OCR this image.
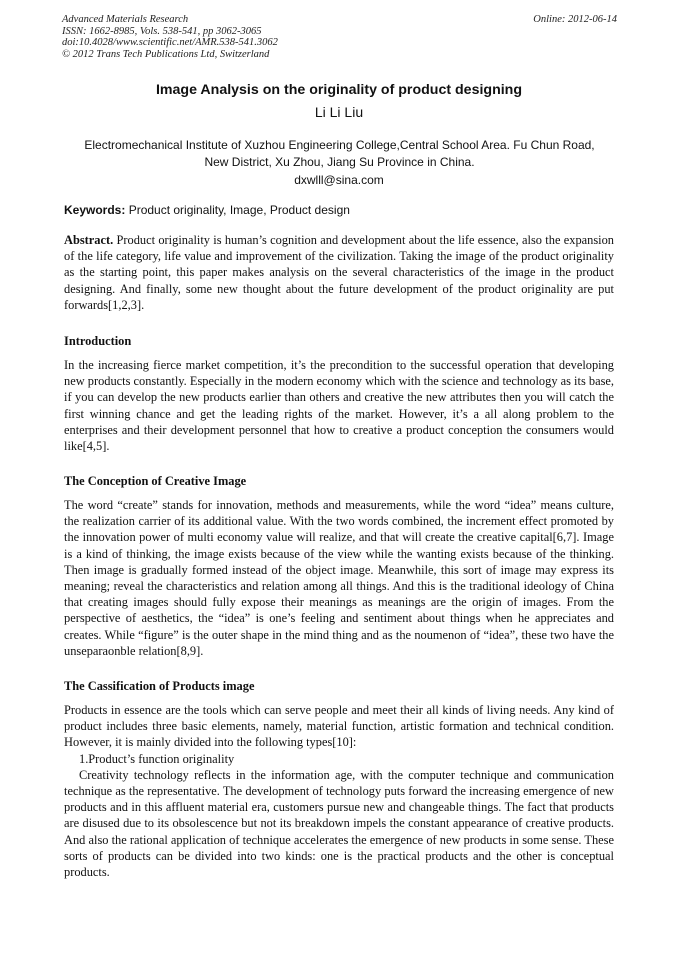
Advanced Materials Research
ISSN: 1662-8985, Vols. 538-541, pp 3062-3065
doi:10.4028/www.scientific.net/AMR.538-541.3062
© 2012 Trans Tech Publications Ltd, Switzerland
Online: 2012-06-14
Image Analysis on the originality of product designing
Li Li Liu
Electromechanical Institute of Xuzhou Engineering College,Central School Area. Fu Chun Road,
New District, Xu Zhou, Jiang Su Province in China.
dxwlll@sina.com
Keywords: Product originality, Image, Product design
Abstract. Product originality is human’s cognition and development about the life essence, also the expansion of the life category, life value and improvement of the civilization. Taking the image of the product originality as the starting point, this paper makes analysis on the several characteristics of the image in the product designing. And finally, some new thought about the future development of the product originality are put forwards[1,2,3].
Introduction
In the increasing fierce market competition, it’s the precondition to the successful operation that developing new products constantly. Especially in the modern economy which with the science and technology as its base, if you can develop the new products earlier than others and creative the new attributes then you will catch the first winning chance and get the leading rights of the market. However, it’s a all along problem to the enterprises and their development personnel that how to creative a product conception the consumers would like[4,5].
The Conception of Creative Image
The word “create” stands for innovation, methods and measurements, while the word “idea” means culture, the realization carrier of its additional value. With the two words combined, the increment effect promoted by the innovation power of multi economy value will realize, and that will create the creative capital[6,7]. Image is a kind of thinking, the image exists because of the view while the wanting exists because of the thinking. Then image is gradually formed instead of the object image. Meanwhile, this sort of image may express its meaning; reveal the characteristics and relation among all things. And this is the traditional ideology of China that creating images should fully expose their meanings as meanings are the origin of images. From the perspective of aesthetics, the “idea” is one’s feeling and sentiment about things when he appreciates and creates. While “figure” is the outer shape in the mind thing and as the noumenon of “idea”, these two have the unseparaonble relation[8,9].
The Cassification of Products image
Products in essence are the tools which can serve people and meet their all kinds of living needs. Any kind of product includes three basic elements, namely, material function, artistic formation and technical condition. However, it is mainly divided into the following types[10]:
1.Product’s function originality
Creativity technology reflects in the information age, with the computer technique and communication technique as the representative. The development of technology puts forward the increasing emergence of new products and in this affluent material era, customers pursue new and changeable things. The fact that products are disused due to its obsolescence but not its breakdown impels the constant appearance of creative products. And also the rational application of technique accelerates the emergence of new products in some sense. These sorts of products can be divided into two kinds: one is the practical products and the other is conceptual products.
